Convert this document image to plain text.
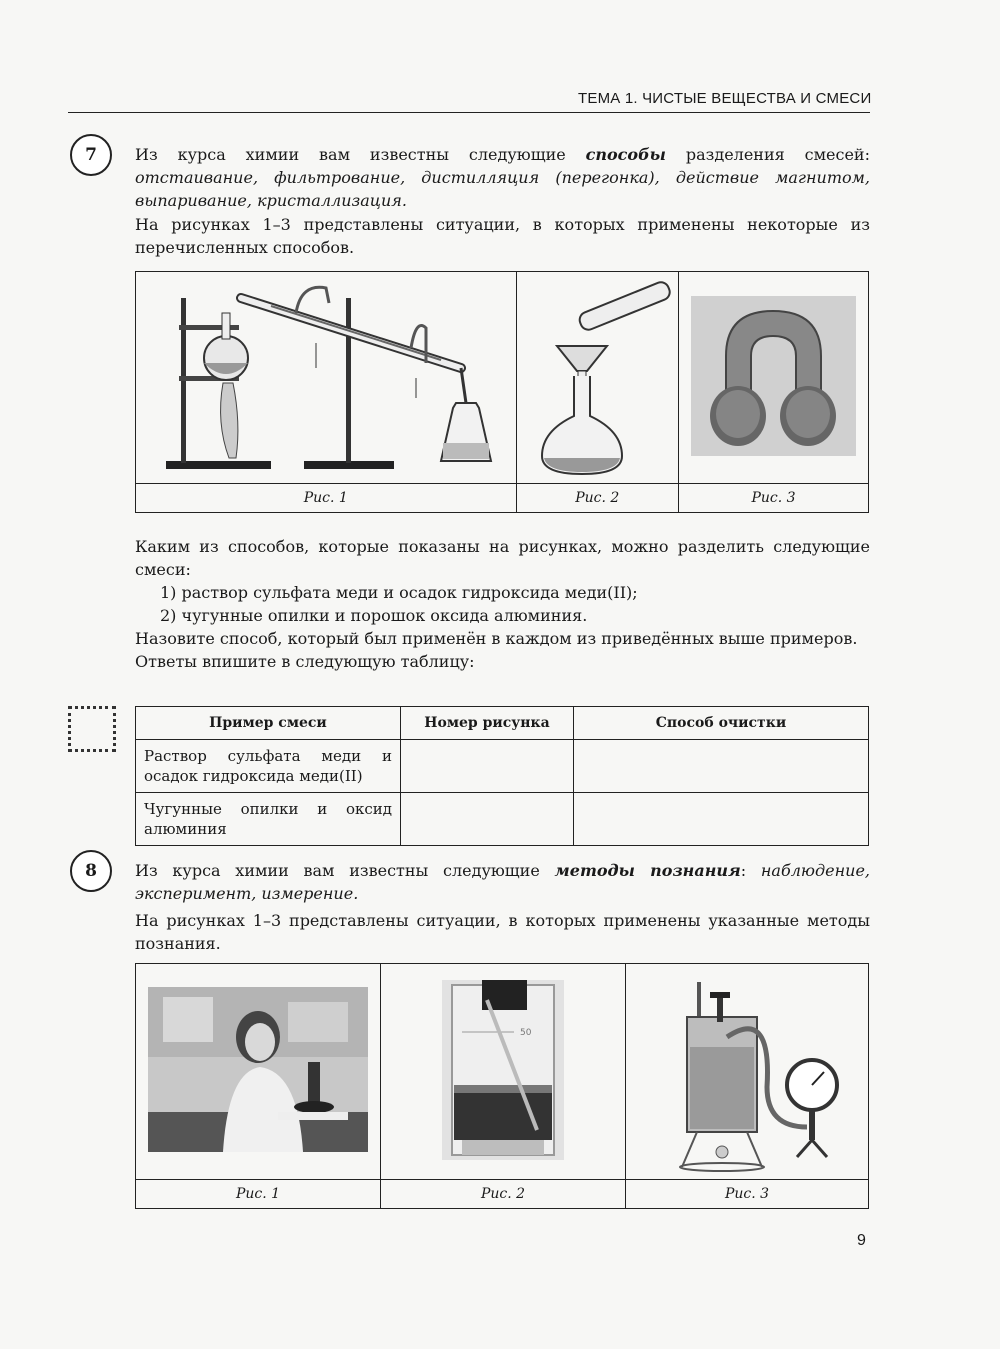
ТЕМА 1. ЧИСТЫЕ ВЕЩЕСТВА И СМЕСИ
7	Из курса химии вам известны следующие способы разделения смесей: отстаивание, фильтрование, дистилляция (перегонка), действие магнитом, выпаривание, кристаллизация.
На рисунках 1–3 представлены ситуации, в которых применены некоторые из перечисленных способов.

Рис. 1	Рис. 2	Рис. 3
Каким из способов, которые показаны на рисунках, можно разделить следующие смеси:
1) раствор сульфата меди и осадок гидроксида меди(II);
2) чугунные опилки и порошок оксида алюминия.
Назовите способ, который был применён в каждом из приведённых выше примеров.
Ответы впишите в следующую таблицу:
Пример смеси	Номер рисунка	Способ очистки
Раствор сульфата меди и осадок гидроксида меди(II)		
Чугунные опилки и оксид алюминия		
8	Из курса химии вам известны следующие методы познания: наблюдение, эксперимент, измерение.
На рисунках 1–3 представлены ситуации, в которых применены указанные методы познания.

50

Рис. 1	Рис. 2	Рис. 3
9
